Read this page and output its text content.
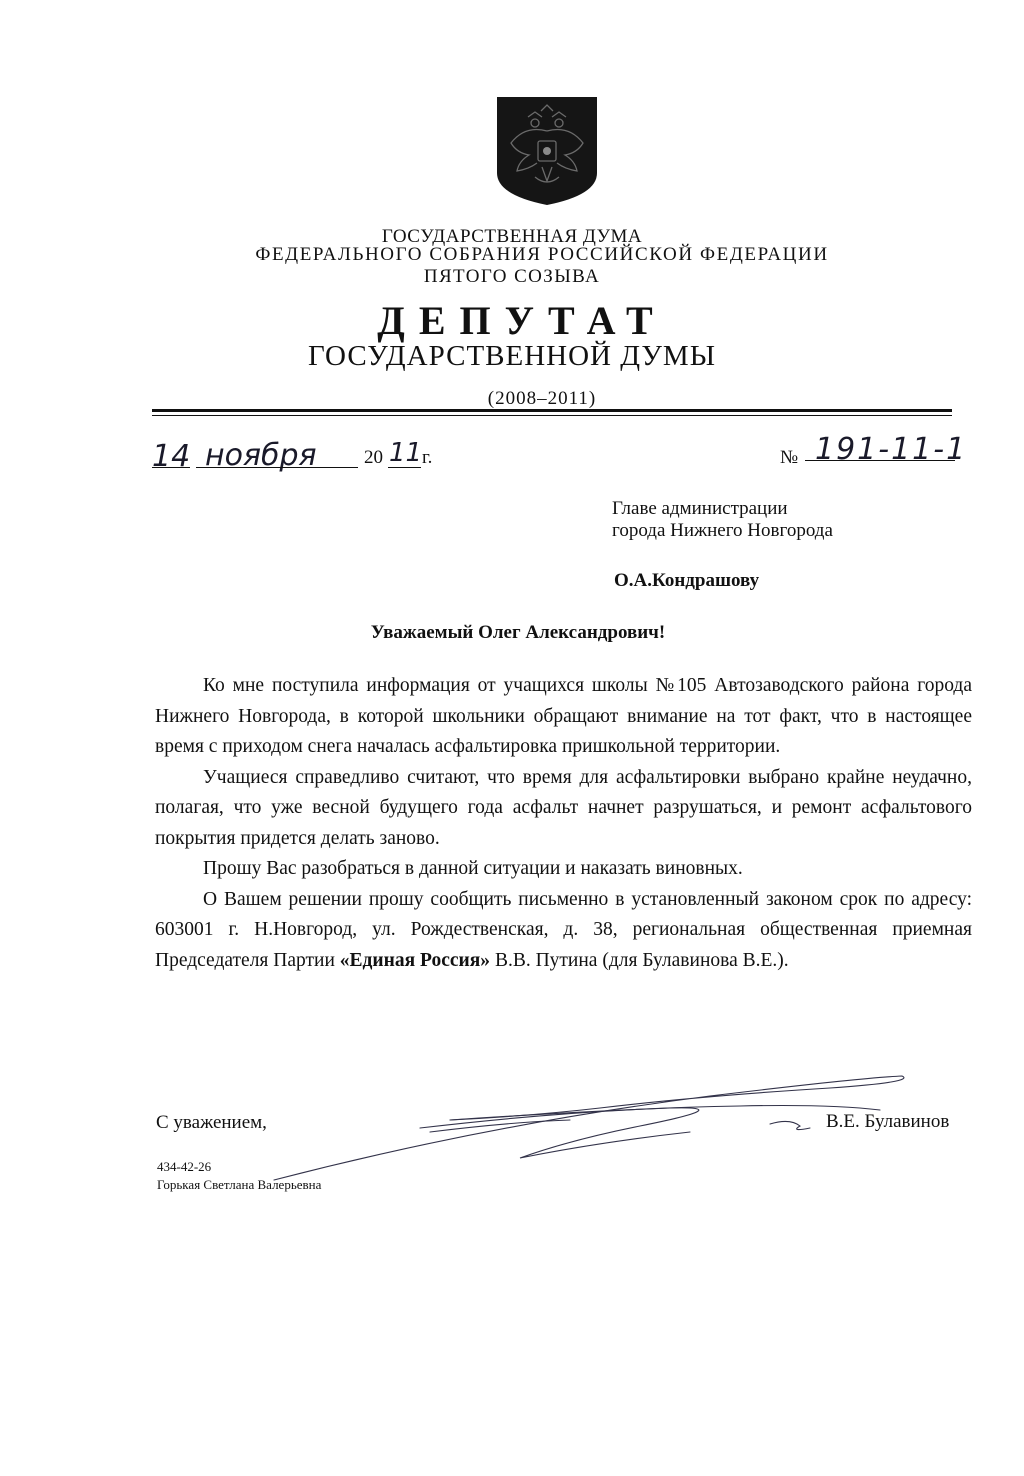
ГОСУДАРСТВЕННАЯ ДУМА
ФЕДЕРАЛЬНОГО СОБРАНИЯ РОССИЙСКОЙ ФЕДЕРАЦИИ
ПЯТОГО СОЗЫВА
ДЕПУТАТ
ГОСУДАРСТВЕННОЙ ДУМЫ
(2008–2011)
14 ноября 20 11 г.	№ 191-11-1
Главе администрации
города Нижнего Новгорода
О.А.Кондрашову
Уважаемый Олег Александрович!

Ко мне поступила информация от учащихся школы №105 Автозаводского района города Нижнего Новгорода, в которой школьники обращают внимание на тот факт, что в настоящее время с приходом снега началась асфальтировка пришкольной территории.

Учащиеся справедливо считают, что время для асфальтировки выбрано крайне неудачно, полагая, что уже весной будущего года асфальт начнет разрушаться, и ремонт асфальтового покрытия придется делать заново.

Прошу Вас разобраться в данной ситуации и наказать виновных.

О Вашем решении прошу сообщить письменно в установленный законом срок по адресу: 603001 г. Н.Новгород, ул. Рождественская, д. 38, региональная общественная приемная Председателя Партии «Единая Россия» В.В. Путина (для Булавинова В.Е.).

С уважением,	В.Е. Булавинов
434-42-26
Горькая Светлана Валерьевна
